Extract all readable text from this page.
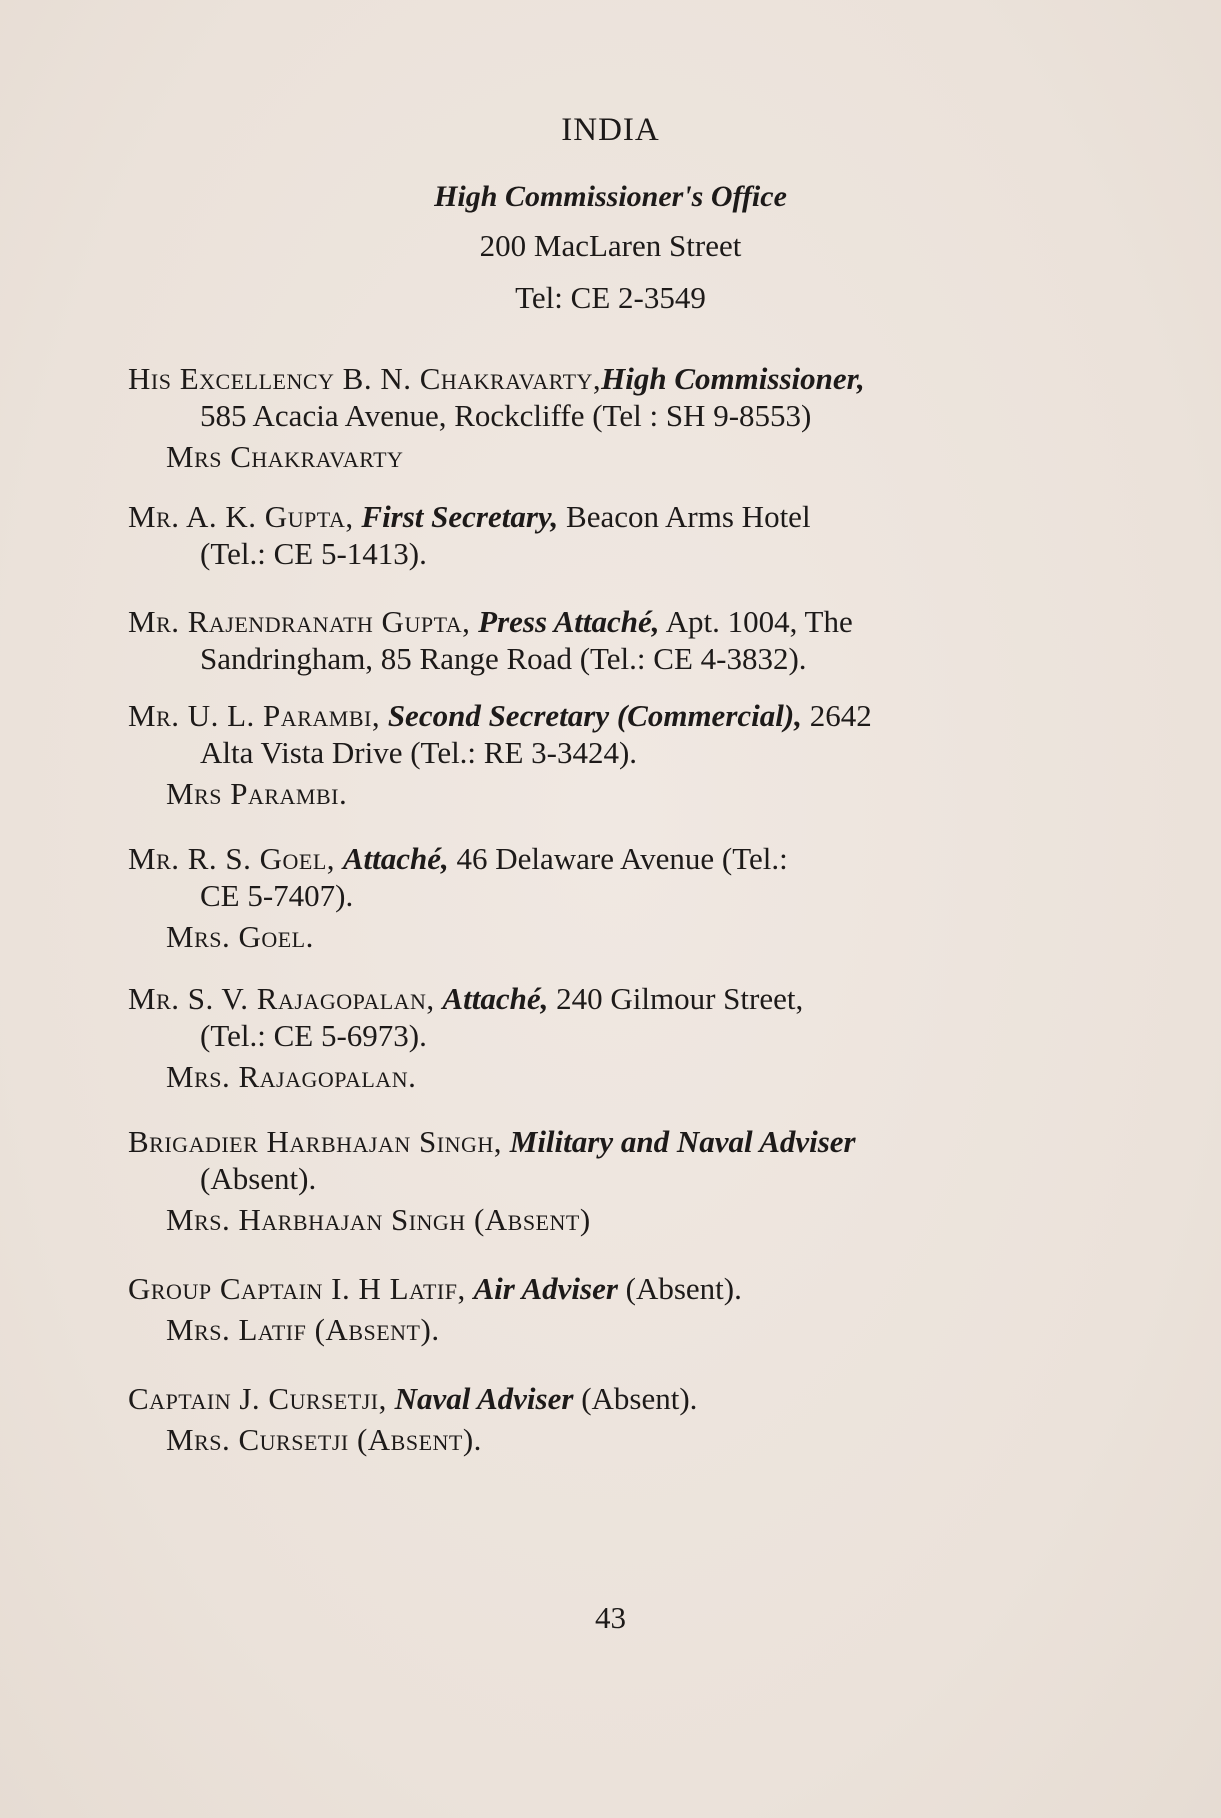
INDIA
High Commissioner's Office
200 MacLaren Street
Tel: CE 2-3549
His Excellency B. N. Chakravarty,High Commissioner,
585 Acacia Avenue, Rockcliffe (Tel : SH 9-8553)
Mrs Chakravarty
Mr. A. K. Gupta, First Secretary, Beacon Arms Hotel
(Tel.: CE 5-1413).
Mr. Rajendranath Gupta, Press Attaché, Apt. 1004, The
Sandringham, 85 Range Road (Tel.: CE 4-3832).
Mr. U. L. Parambi, Second Secretary (Commercial), 2642
Alta Vista Drive (Tel.: RE 3-3424).
Mrs Parambi.
Mr. R. S. Goel, Attaché, 46 Delaware Avenue (Tel.:
CE 5-7407).
Mrs. Goel.
Mr. S. V. Rajagopalan, Attaché, 240 Gilmour Street,
(Tel.: CE 5-6973).
Mrs. Rajagopalan.
Brigadier Harbhajan Singh, Military and Naval Adviser
(Absent).
Mrs. Harbhajan Singh (Absent)
Group Captain I. H Latif, Air Adviser (Absent).
Mrs. Latif (Absent).
Captain J. Cursetji, Naval Adviser (Absent).
Mrs. Cursetji (Absent).
43
